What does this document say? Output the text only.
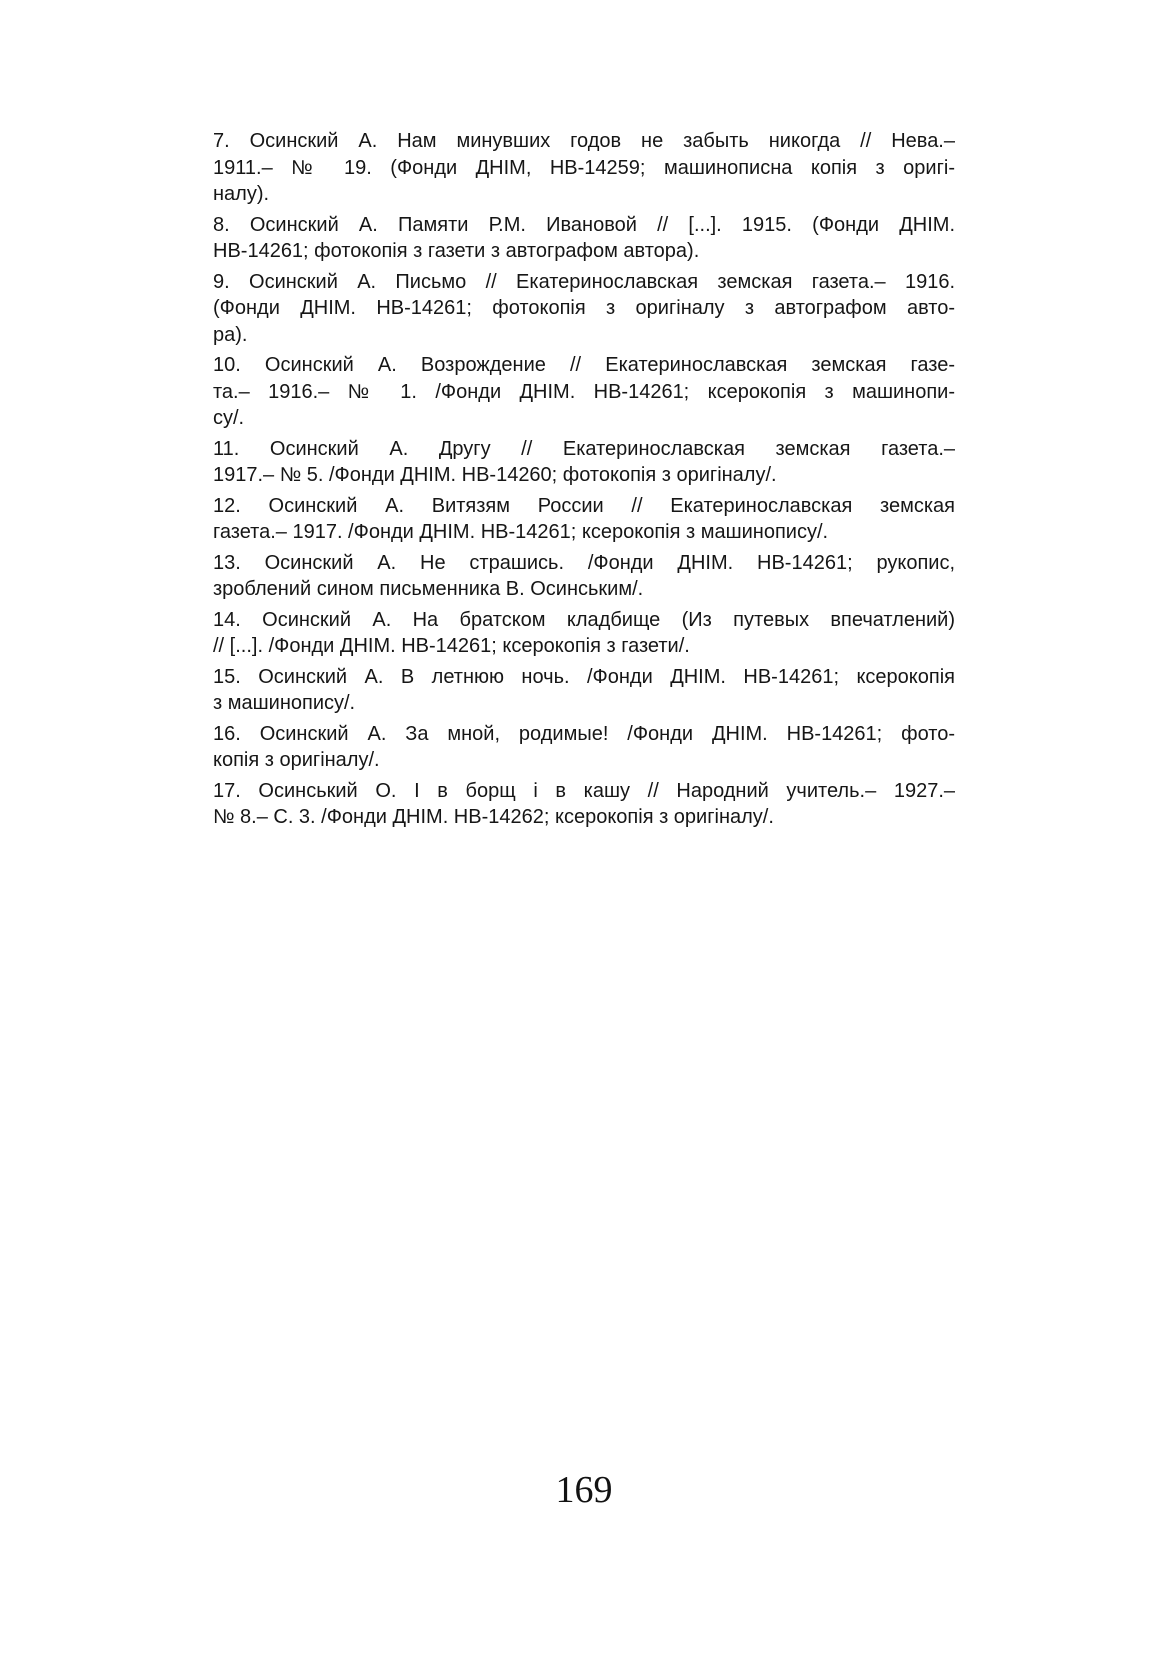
7. Осинский А. Нам минувших годов не забыть никогда // Нева.–
1911.– № 19. (Фонди ДНІМ, НВ-14259; машинописна копія з оригі-
налу).

8. Осинский А. Памяти Р.М. Ивановой // [...]. 1915. (Фонди ДНІМ.
НВ-14261; фотокопія з газети з автографом автора).

9. Осинский А. Письмо // Екатеринославская земская газета.– 1916.
(Фонди ДНІМ. НВ-14261; фотокопія з оригіналу з автографом авто-
ра).

10. Осинский А. Возрождение // Екатеринославская земская газе-
та.– 1916.– № 1. /Фонди ДНІМ. НВ-14261; ксерокопія з машинопи-
су/.

11. Осинский А. Другу // Екатеринославская земская газета.–
1917.– № 5. /Фонди ДНІМ. НВ-14260; фотокопія з оригіналу/.

12. Осинский А. Витязям России // Екатеринославская земская
газета.– 1917. /Фонди ДНІМ. НВ-14261; ксерокопія з машинопису/.

13. Осинский А. Не страшись. /Фонди ДНІМ. НВ-14261; рукопис,
зроблений сином письменника В. Осинським/.

14. Осинский А. На братском кладбище (Из путевых впечатлений)
// [...]. /Фонди ДНІМ. НВ-14261; ксерокопія з газети/.

15. Осинский А. В летнюю ночь. /Фонди ДНІМ. НВ-14261; ксерокопія
з машинопису/.

16. Осинский А. За мной, родимые! /Фонди ДНІМ. НВ-14261; фото-
копія з оригіналу/.

17. Осинський О. І в борщ і в кашу // Народний учитель.– 1927.–
№ 8.– С. 3. /Фонди ДНІМ. НВ-14262; ксерокопія з оригіналу/.

169
